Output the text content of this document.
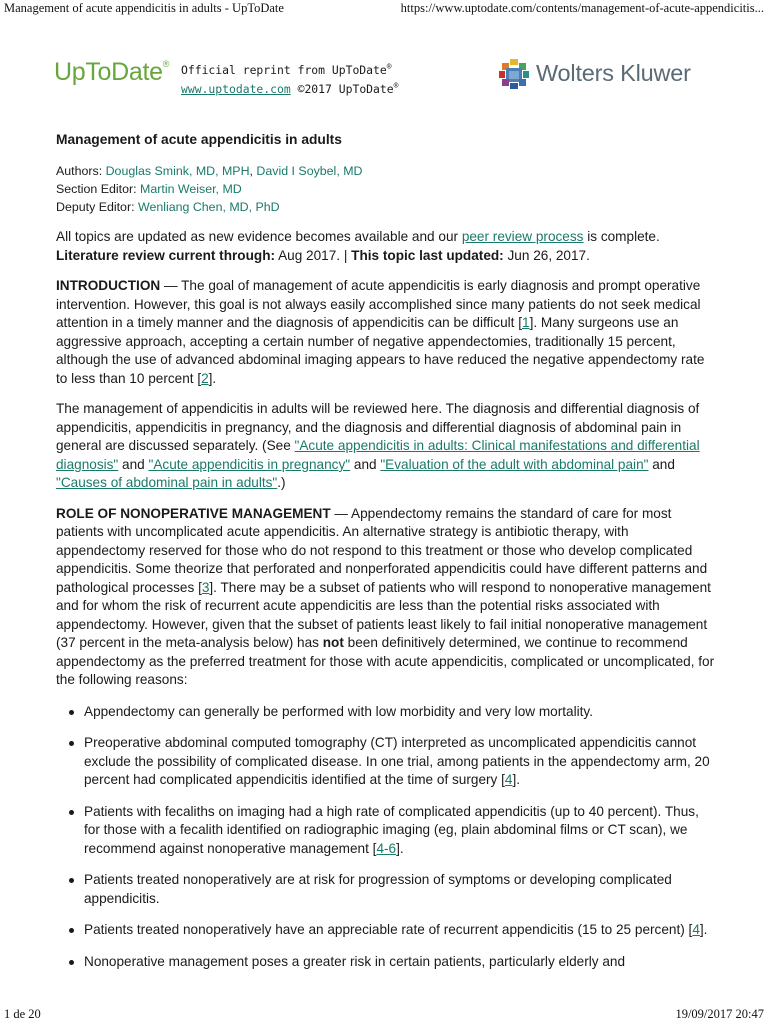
Management of acute appendicitis in adults - UpToDate	https://www.uptodate.com/contents/management-of-acute-appendicitis...
UpToDate® Official reprint from UpToDate®
www.uptodate.com ©2017 UpToDate®	Wolters Kluwer
Management of acute appendicitis in adults
Authors: Douglas Smink, MD, MPH, David I Soybel, MD
Section Editor: Martin Weiser, MD
Deputy Editor: Wenliang Chen, MD, PhD

All topics are updated as new evidence becomes available and our peer review process is complete.
Literature review current through: Aug 2017. | This topic last updated: Jun 26, 2017.

INTRODUCTION — The goal of management of acute appendicitis is early diagnosis and prompt operative intervention. However, this goal is not always easily accomplished since many patients do not seek medical attention in a timely manner and the diagnosis of appendicitis can be difficult [1]. Many surgeons use an aggressive approach, accepting a certain number of negative appendectomies, traditionally 15 percent, although the use of advanced abdominal imaging appears to have reduced the negative appendectomy rate to less than 10 percent [2].

The management of appendicitis in adults will be reviewed here. The diagnosis and differential diagnosis of appendicitis, appendicitis in pregnancy, and the diagnosis and differential diagnosis of abdominal pain in general are discussed separately. (See "Acute appendicitis in adults: Clinical manifestations and differential diagnosis" and "Acute appendicitis in pregnancy" and "Evaluation of the adult with abdominal pain" and "Causes of abdominal pain in adults".)

ROLE OF NONOPERATIVE MANAGEMENT — Appendectomy remains the standard of care for most patients with uncomplicated acute appendicitis. An alternative strategy is antibiotic therapy, with appendectomy reserved for those who do not respond to this treatment or those who develop complicated appendicitis. Some theorize that perforated and nonperforated appendicitis could have different patterns and pathological processes [3]. There may be a subset of patients who will respond to nonoperative management and for whom the risk of recurrent acute appendicitis are less than the potential risks associated with appendectomy. However, given that the subset of patients least likely to fail initial nonoperative management (37 percent in the meta-analysis below) has not been definitively determined, we continue to recommend appendectomy as the preferred treatment for those with acute appendicitis, complicated or uncomplicated, for the following reasons:

Appendectomy can generally be performed with low morbidity and very low mortality.
Preoperative abdominal computed tomography (CT) interpreted as uncomplicated appendicitis cannot exclude the possibility of complicated disease. In one trial, among patients in the appendectomy arm, 20 percent had complicated appendicitis identified at the time of surgery [4].
Patients with fecaliths on imaging had a high rate of complicated appendicitis (up to 40 percent). Thus, for those with a fecalith identified on radiographic imaging (eg, plain abdominal films or CT scan), we recommend against nonoperative management [4-6].
Patients treated nonoperatively are at risk for progression of symptoms or developing complicated appendicitis.
Patients treated nonoperatively have an appreciable rate of recurrent appendicitis (15 to 25 percent) [4].
Nonoperative management poses a greater risk in certain patients, particularly elderly and
1 de 20	19/09/2017 20:47
